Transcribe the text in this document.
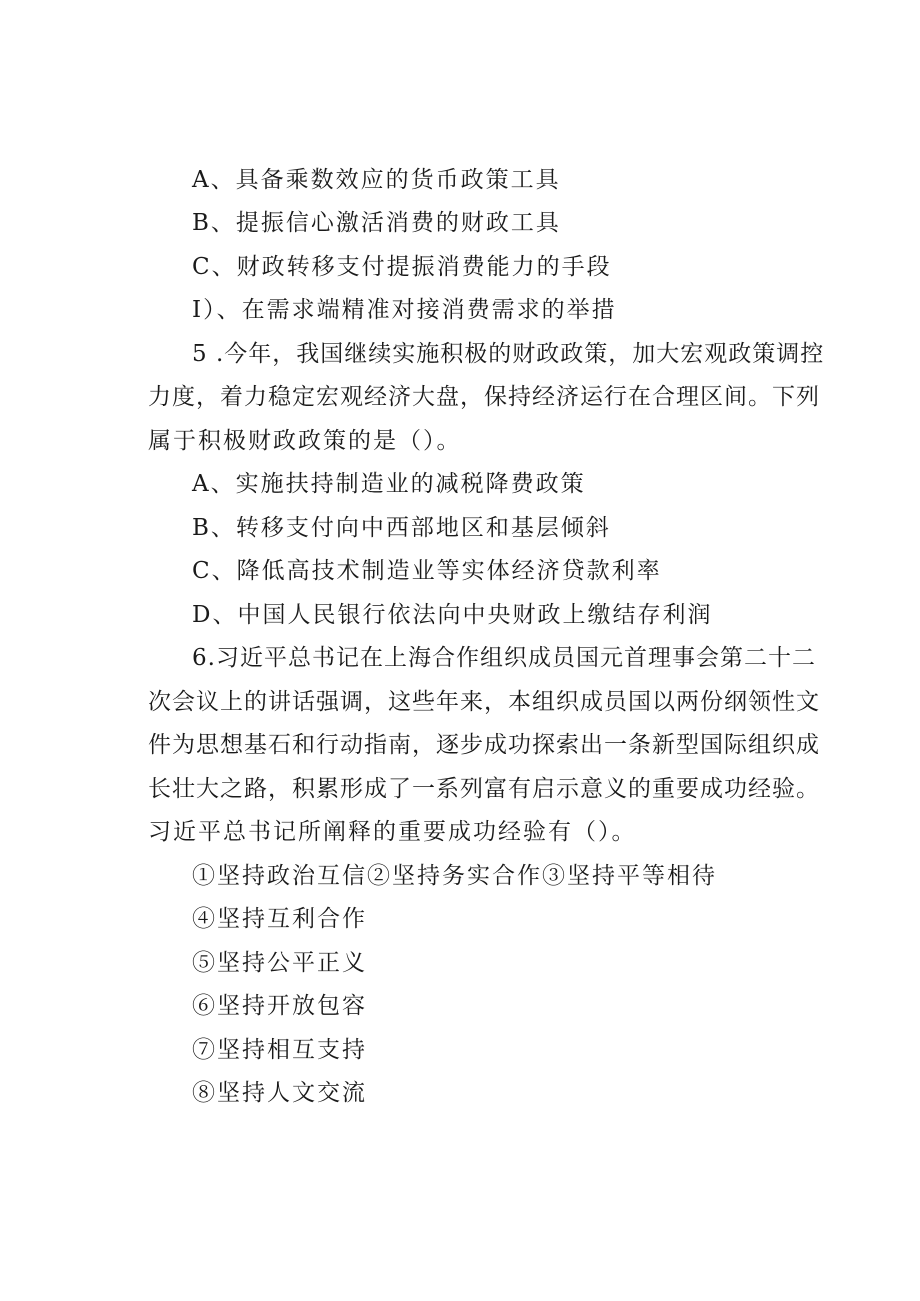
A、具备乘数效应的货币政策工具
B、提振信心激活消费的财政工具
C、财政转移支付提振消费能力的手段
I）、在需求端精准对接消费需求的举措
5 .今年，我国继续实施积极的财政政策，加大宏观政策调控
力度，着力稳定宏观经济大盘，保持经济运行在合理区间。下列
属于积极财政政策的是（）。
A、实施扶持制造业的减税降费政策
B、转移支付向中西部地区和基层倾斜
C、降低高技术制造业等实体经济贷款利率
D、中国人民银行依法向中央财政上缴结存利润
6.习近平总书记在上海合作组织成员国元首理事会第二十二
次会议上的讲话强调，这些年来，本组织成员国以两份纲领性文
件为思想基石和行动指南，逐步成功探索出一条新型国际组织成
长壮大之路，积累形成了一系列富有启示意义的重要成功经验。
习近平总书记所阐释的重要成功经验有（）。
①坚持政治互信②坚持务实合作③坚持平等相待
④坚持互利合作
⑤坚持公平正义
⑥坚持开放包容
⑦坚持相互支持
⑧坚持人文交流
